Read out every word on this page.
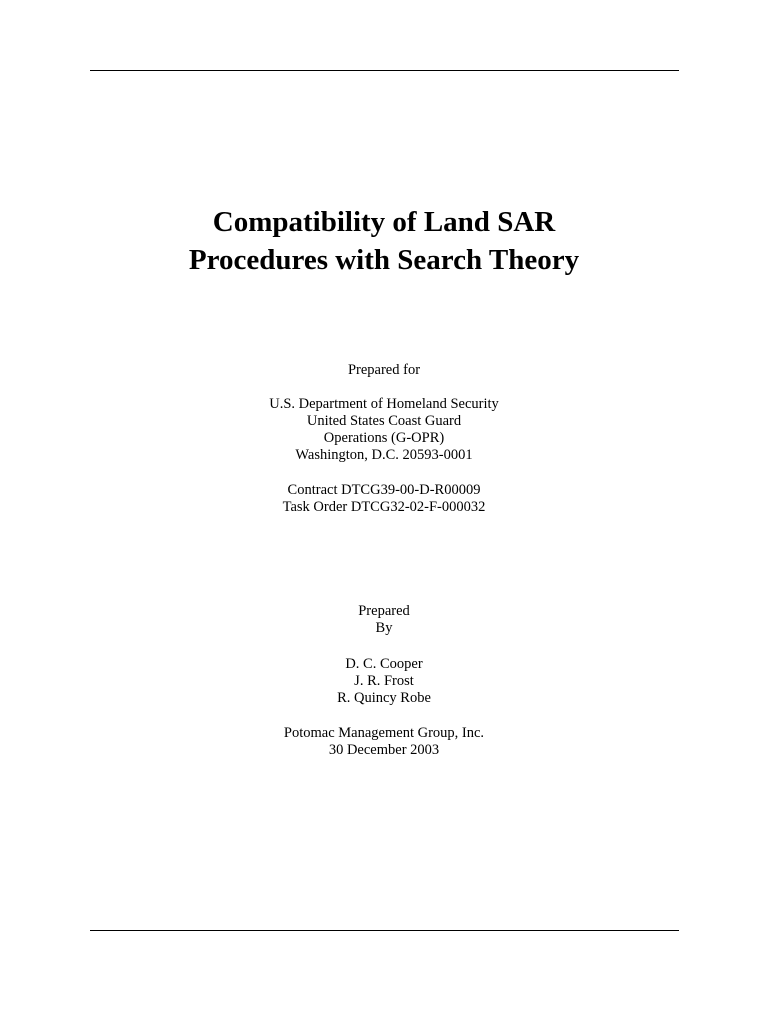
Compatibility of Land SAR
Procedures with Search Theory
Prepared for
U.S. Department of Homeland Security
United States Coast Guard
Operations (G-OPR)
Washington, D.C. 20593-0001
Contract DTCG39-00-D-R00009
Task Order DTCG32-02-F-000032
Prepared
By
D. C. Cooper
J. R. Frost
R. Quincy Robe
Potomac Management Group, Inc.
30 December 2003
